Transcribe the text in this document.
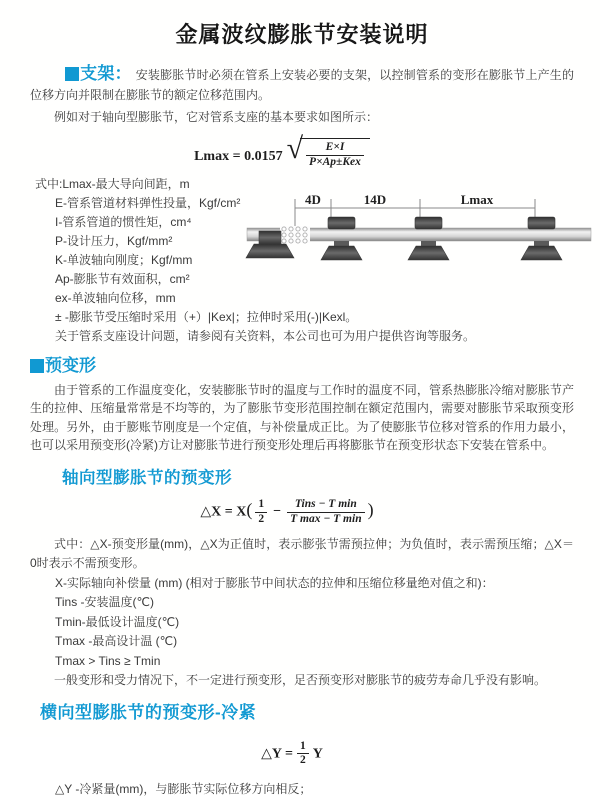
金属波纹膨胀节安装说明

支架： 安装膨胀节时必须在管系上安装必要的支架，以控制管系的变形在膨胀节上产生的位移方向并限制在膨胀节的额定位移范围内。

例如对于轴向型膨胀节，它对管系支座的基本要求如图所示：

Lmax = 0.0157 √ $\frac{E\times I}{\text{P×Ap±Kex}}$

式中:Lmax-最大导向间距，m

E-管系管道材料弹性投量，Kgf/cm²

I-管系管道的惯性矩，cm⁴

P-设计压力，Kgf/mm²

K-单波轴向刚度；Kgf/mm

Ap-膨胀节有效面积，cm²

ex-单波轴向位移，mm

± -膨胀节受压缩时采用（+）|Kex|；拉伸时采用(-)|Kexl。

关于管系支座设计问题，请参阅有关资料，本公司也可为用户提供咨询等服务。

4D	14D	Lmax

预变形

由于管系的工作温度变化，安装膨胀节时的温度与工作时的温度不同，管系热膨胀冷缩对膨胀节产生的拉伸、压缩量常常是不均等的，为了膨胀节变形范围控制在额定范围内，需要对膨胀节采取预变形处理。另外，由于膨账节刚度是一个定值，与补偿量成正比。为了使膨胀节位移对管系的作用力最小，也可以采用预变形(冷紧)方让对膨胀节进行预变形处理后再将膨胀节在预变形状态下安装在管系中。

轴向型膨胀节的预变形
△X = $X( \frac{1}{2} - \frac{\text{Tins − T min}}{\text{T max − T min}}$ )

式中：△X-预变形量(mm)，△X为正值时，表示膨张节需预拉伸；为负值时，表示需预压缩；△X＝0时表示不需预变形。

X-实际轴向补偿量 (mm) (相对于膨胀节中间状态的拉伸和压缩位移量绝对值之和)：

Tins -安装温度(℃)

Tmin-最低设计温度(℃)

Tmax -最高设计温 (℃)

Tmax > Tins ≥ Tmin

一般变形和受力情况下，不一定进行预变形，足否预变形对膨胀节的疲劳寿命几乎没有影响。

横向型膨胀节的预变形-冷紧
△Y = $\frac{1}{2}$ Y

△Y -冷紧量(mm)，与膨胀节实际位移方向相反；
